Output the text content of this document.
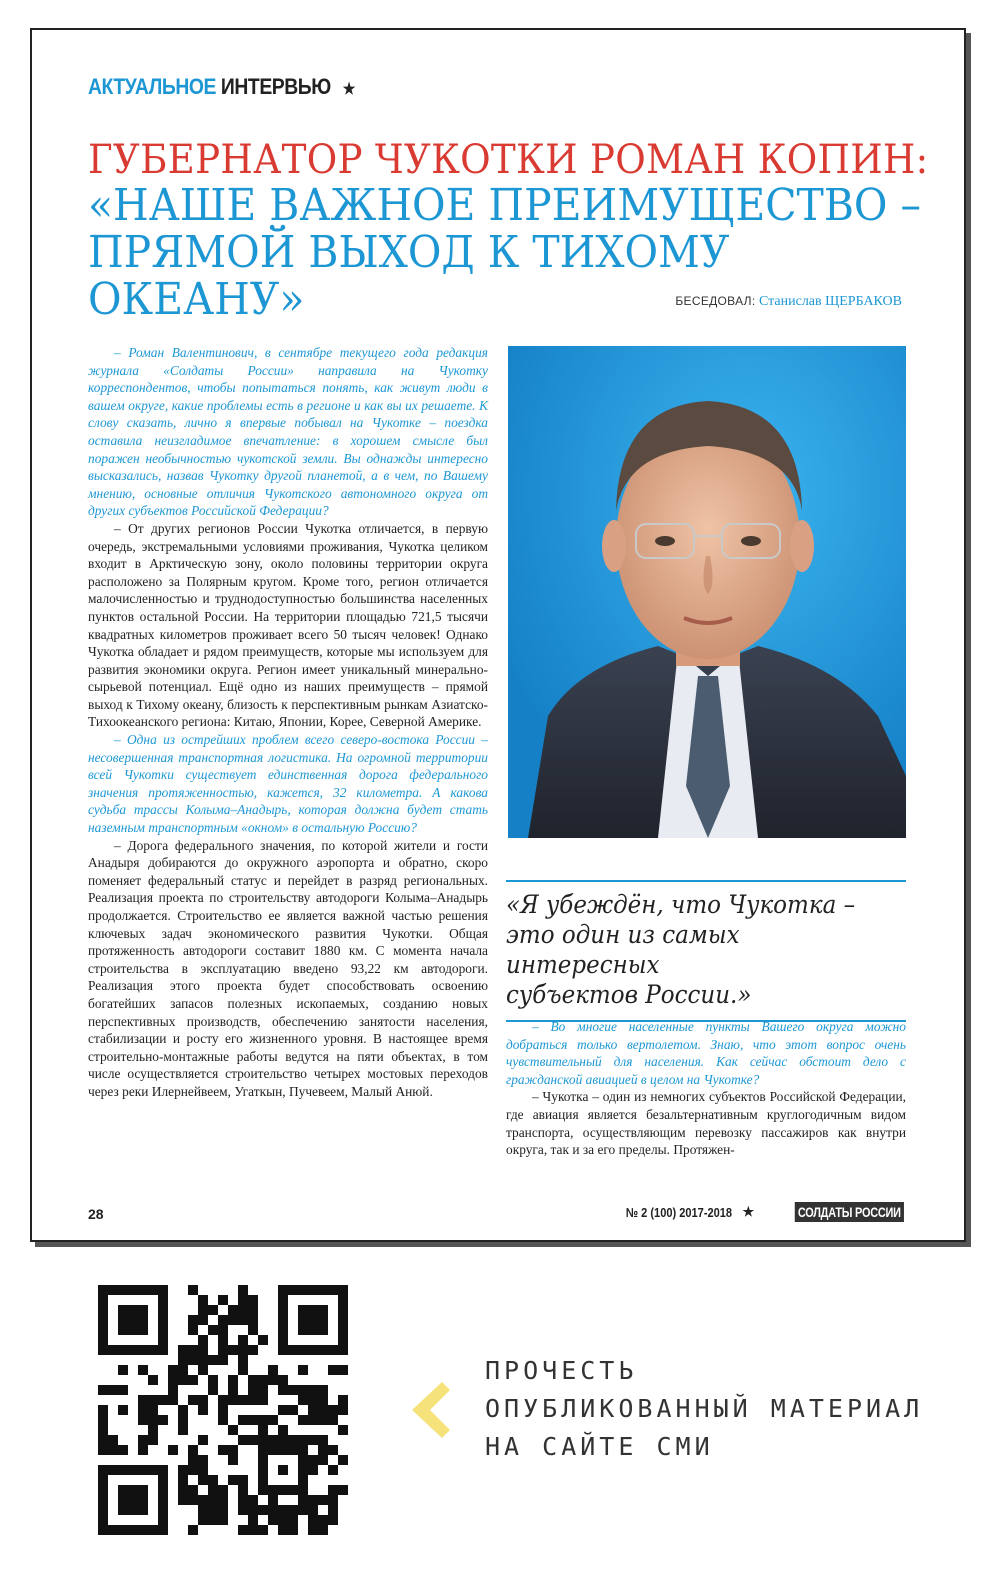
АКТУАЛЬНОЕ ИНТЕРВЬЮ ★
ГУБЕРНАТОР ЧУКОТКИ РОМАН КОПИН:
«НАШЕ ВАЖНОЕ ПРЕИМУЩЕСТВО –
ПРЯМОЙ ВЫХОД К ТИХОМУ
ОКЕАНУ»	БЕСЕДОВАЛ: Станислав ЩЕРБАКОВ

– Роман Валентинович, в сентябре текущего года редакция журнала «Солдаты России» направила на Чукотку корреспондентов, чтобы попытаться понять, как живут люди в вашем округе, какие проблемы есть в регионе и как вы их решаете. К слову сказать, лично я впервые побывал на Чукотке – поездка оставила неизгладимое впечатление: в хорошем смысле был поражен необычностью чукотской земли. Вы однажды интересно высказались, назвав Чукотку другой планетой, а в чем, по Вашему мнению, основные отличия Чукотского автономного округа от других субъектов Российской Федерации?

– От других регионов России Чукотка отличается, в первую очередь, экстремальными условиями проживания, Чукотка целиком входит в Арктическую зону, около половины территории округа расположено за Полярным кругом. Кроме того, регион отличается малочисленностью и труднодоступностью большинства населенных пунктов остальной России. На территории площадью 721,5 тысячи квадратных километров проживает всего 50 тысяч человек! Однако Чукотка обладает и рядом преимуществ, которые мы используем для развития экономики округа. Регион имеет уникальный минерально-сырьевой потенциал. Ещё одно из наших преимуществ – прямой выход к Тихому океану, близость к перспективным рынкам Азиатско-Тихоокеанского региона: Китаю, Японии, Корее, Северной Америке.

– Одна из острейших проблем всего северо-востока России – несовершенная транспортная логистика. На огромной территории всей Чукотки существует единственная дорога федерального значения протяженностью, кажется, 32 километра. А какова судьба трассы Колыма–Анадырь, которая должна будет стать наземным транспортным «окном» в остальную Россию?

– Дорога федерального значения, по которой жители и гости Анадыря добираются до окружного аэропорта и обратно, скоро поменяет федеральный статус и перейдет в разряд региональных. Реализация проекта по строительству автодороги Колыма–Анадырь продолжается. Строительство ее является важной частью решения ключевых задач экономического развития Чукотки. Общая протяженность автодороги составит 1880 км. С момента начала строительства в эксплуатацию введено 93,22 км автодороги. Реализация этого проекта будет способствовать освоению богатейших запасов полезных ископаемых, созданию новых перспективных производств, обеспечению занятости населения, стабилизации и росту его жизненного уровня. В настоящее время строительно-монтажные работы ведутся на пяти объектах, в том числе осуществляется строительство четырех мостовых переходов через реки Илернейвеем, Угаткын, Пучевеем, Малый Анюй.

«Я убеждён, что Чукотка –
это один из самых интересных
субъектов России.»

– Во многие населенные пункты Вашего округа можно добраться только вертолетом. Знаю, что этот вопрос очень чувствительный для населения. Как сейчас обстоит дело с гражданской авиацией в целом на Чукотке?

– Чукотка – один из немногих субъектов Российской Федерации, где авиация является безальтернативным круглогодичным видом транспорта, осуществляющим перевозку пассажиров как внутри округа, так и за его пределы. Протяжен-

28	№ 2 (100) 2017-2018 ★	СОЛДАТЫ РОССИИ
ПРОЧЕСТЬ
ОПУБЛИКОВАННЫЙ МАТЕРИАЛ
НА САЙТЕ СМИ
